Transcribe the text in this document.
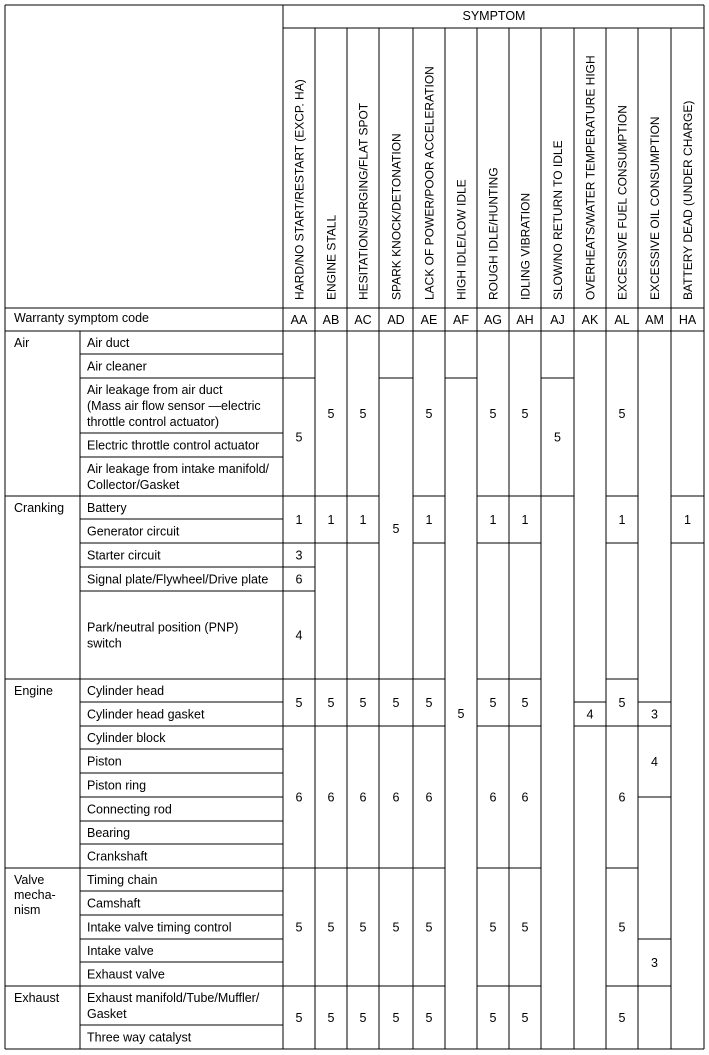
HARD/NO START/RESTART (EXCP. HA) ENGINE STALL HESITATION/SURGING/FLAT SPOT SPARK KNOCK/DETONATION LACK OF POWER/POOR ACCELERATION HIGH IDLE/LOW IDLE ROUGH IDLE/HUNTING IDLING VIBRATION SLOW/NO RETURN TO IDLE OVERHEATS/WATER TEMPERATURE HIGH EXCESSIVE FUEL CONSUMPTION EXCESSIVE OIL CONSUMPTION BATTERY DEAD (UNDER CHARGE)
AA AB AC AD AE AF AG AH AJ AK AL AM HA
Air
Cranking
Engine
Valve
mecha-
nism
Exhaust
Air duct
Air cleaner
Air leakage from air duct
(Mass air flow sensor —electric
throttle control actuator)
Electric throttle control actuator
Air leakage from intake manifold/
Collector/Gasket
Battery
Generator circuit
Starter circuit
Signal plate/Flywheel/Drive plate
Park/neutral position (PNP)
switch
Cylinder head
Cylinder head gasket
Cylinder block
Piston
Piston ring
Connecting rod
Bearing
Crankshaft
Timing chain
Camshaft
Intake valve timing control
Intake valve
Exhaust valve
Exhaust manifold/Tube/Muffler/
Gasket
Three way catalyst
5
1
3
6
4
5
6
5
5
5
1
5
6
5
5
5
1
5
6
5
5
5
5
6
5
5
5
1
5
6
5
5
5
5
1
5
6
5
5
5
1
5
6
5
5
5
4
5
1
5
6
5
5
3
4
3
1
SYMPTOM
Warranty symptom code
